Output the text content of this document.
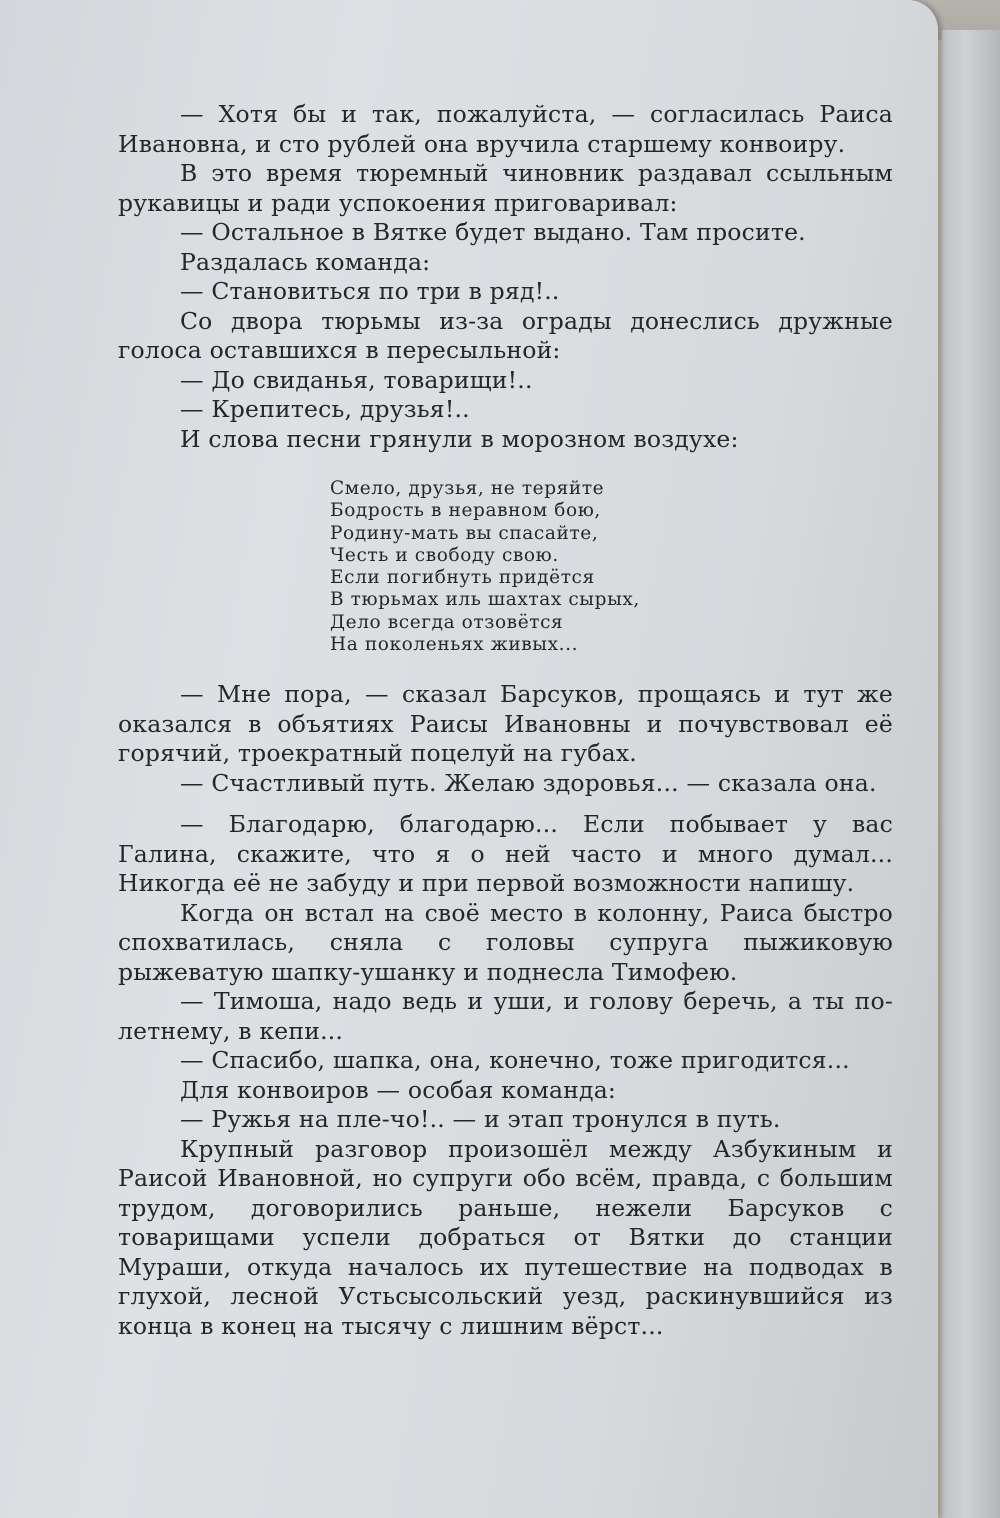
— Хотя бы и так, пожалуйста, — согласилась Раиса Ивановна, и сто рублей она вручила старшему конвоиру.

В это время тюремный чиновник раздавал ссыльным рукавицы и ради успокоения приговаривал:

— Остальное в Вятке будет выдано. Там просите.

Раздалась команда:

— Становиться по три в ряд!..

Со двора тюрьмы из-за ограды донеслись дружные голоса оставшихся в пересыльной:

— До свиданья, товарищи!..

— Крепитесь, друзья!..

И слова песни грянули в морозном воздухе:

Смело, друзья, не теряйте
Бодрость в неравном бою,
Родину-мать вы спасайте,
Честь и свободу свою.
Если погибнуть придётся
В тюрьмах иль шахтах сырых,
Дело всегда отзовётся
На поколеньях живых...

— Мне пора, — сказал Барсуков, прощаясь и тут же оказался в объятиях Раисы Ивановны и почувствовал её горячий, троекратный поцелуй на губах.

— Счастливый путь. Желаю здоровья... — сказала она.

— Благодарю, благодарю... Если побывает у вас Галина, скажите, что я о ней часто и много думал... Никогда её не забуду и при первой возможности напишу.

Когда он встал на своё место в колонну, Раиса быстро спохватилась, сняла с головы супруга пыжиковую рыжеватую шапку-ушанку и поднесла Тимофею.

— Тимоша, надо ведь и уши, и голову беречь, а ты по-летнему, в кепи...

— Спасибо, шапка, она, конечно, тоже пригодится...

Для конвоиров — особая команда:

— Ружья на пле-чо!.. — и этап тронулся в путь.

Крупный разговор произошёл между Азбукиным и Раисой Ивановной, но супруги обо всём, правда, с большим трудом, договорились раньше, нежели Барсуков с товарищами успели добраться от Вятки до станции Мураши, откуда началось их путешествие на подводах в глухой, лесной Устьсысольский уезд, раскинувшийся из конца в конец на тысячу с лишним вёрст...
